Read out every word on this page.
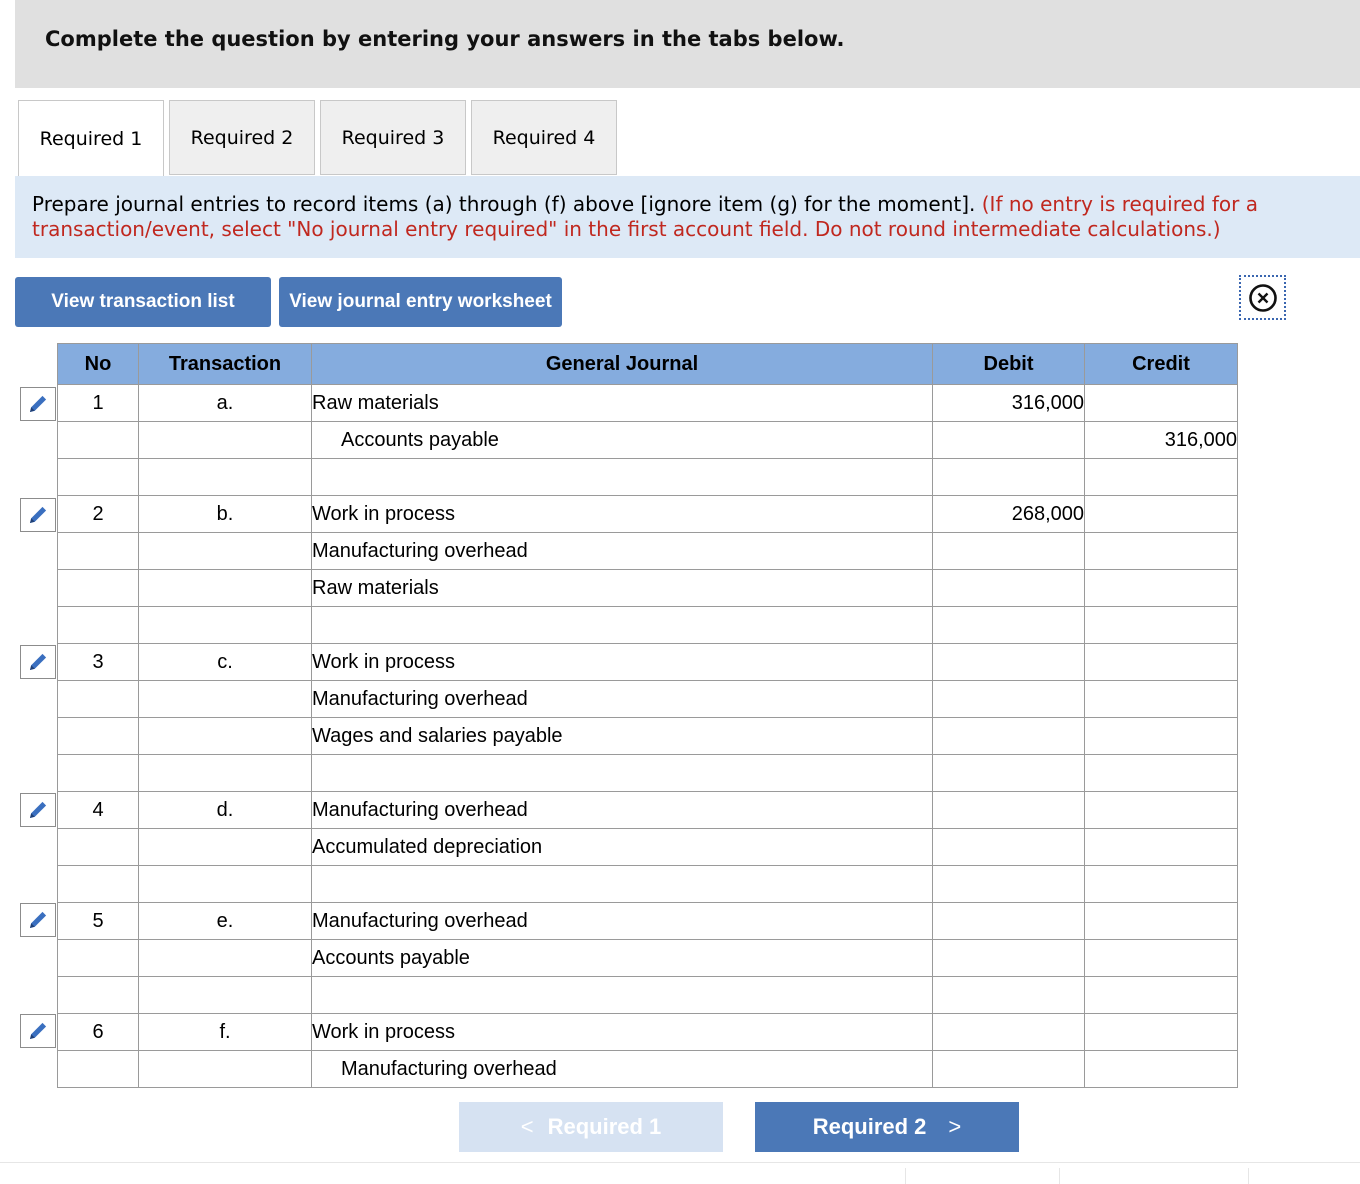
Complete the question by entering your answers in the tabs below.
Required 1	Required 2	Required 3	Required 4
Prepare journal entries to record items (a) through (f) above [ignore item (g) for the moment]. (If no entry is required for a transaction/event, select "No journal entry required" in the first account field. Do not round intermediate calculations.)
View transaction list	View journal entry worksheet
No	Transaction	General Journal	Debit	Credit
1	a.	Raw materials	316,000	
		Accounts payable		316,000

2	b.	Work in process	268,000	
		Manufacturing overhead		
		Raw materials		

3	c.	Work in process		
		Manufacturing overhead		
		Wages and salaries payable		

4	d.	Manufacturing overhead		
		Accumulated depreciation		

5	e.	Manufacturing overhead		
		Accounts payable		

6	f.	Work in process		
		Manufacturing overhead		
< Required 1	Required 2 >
